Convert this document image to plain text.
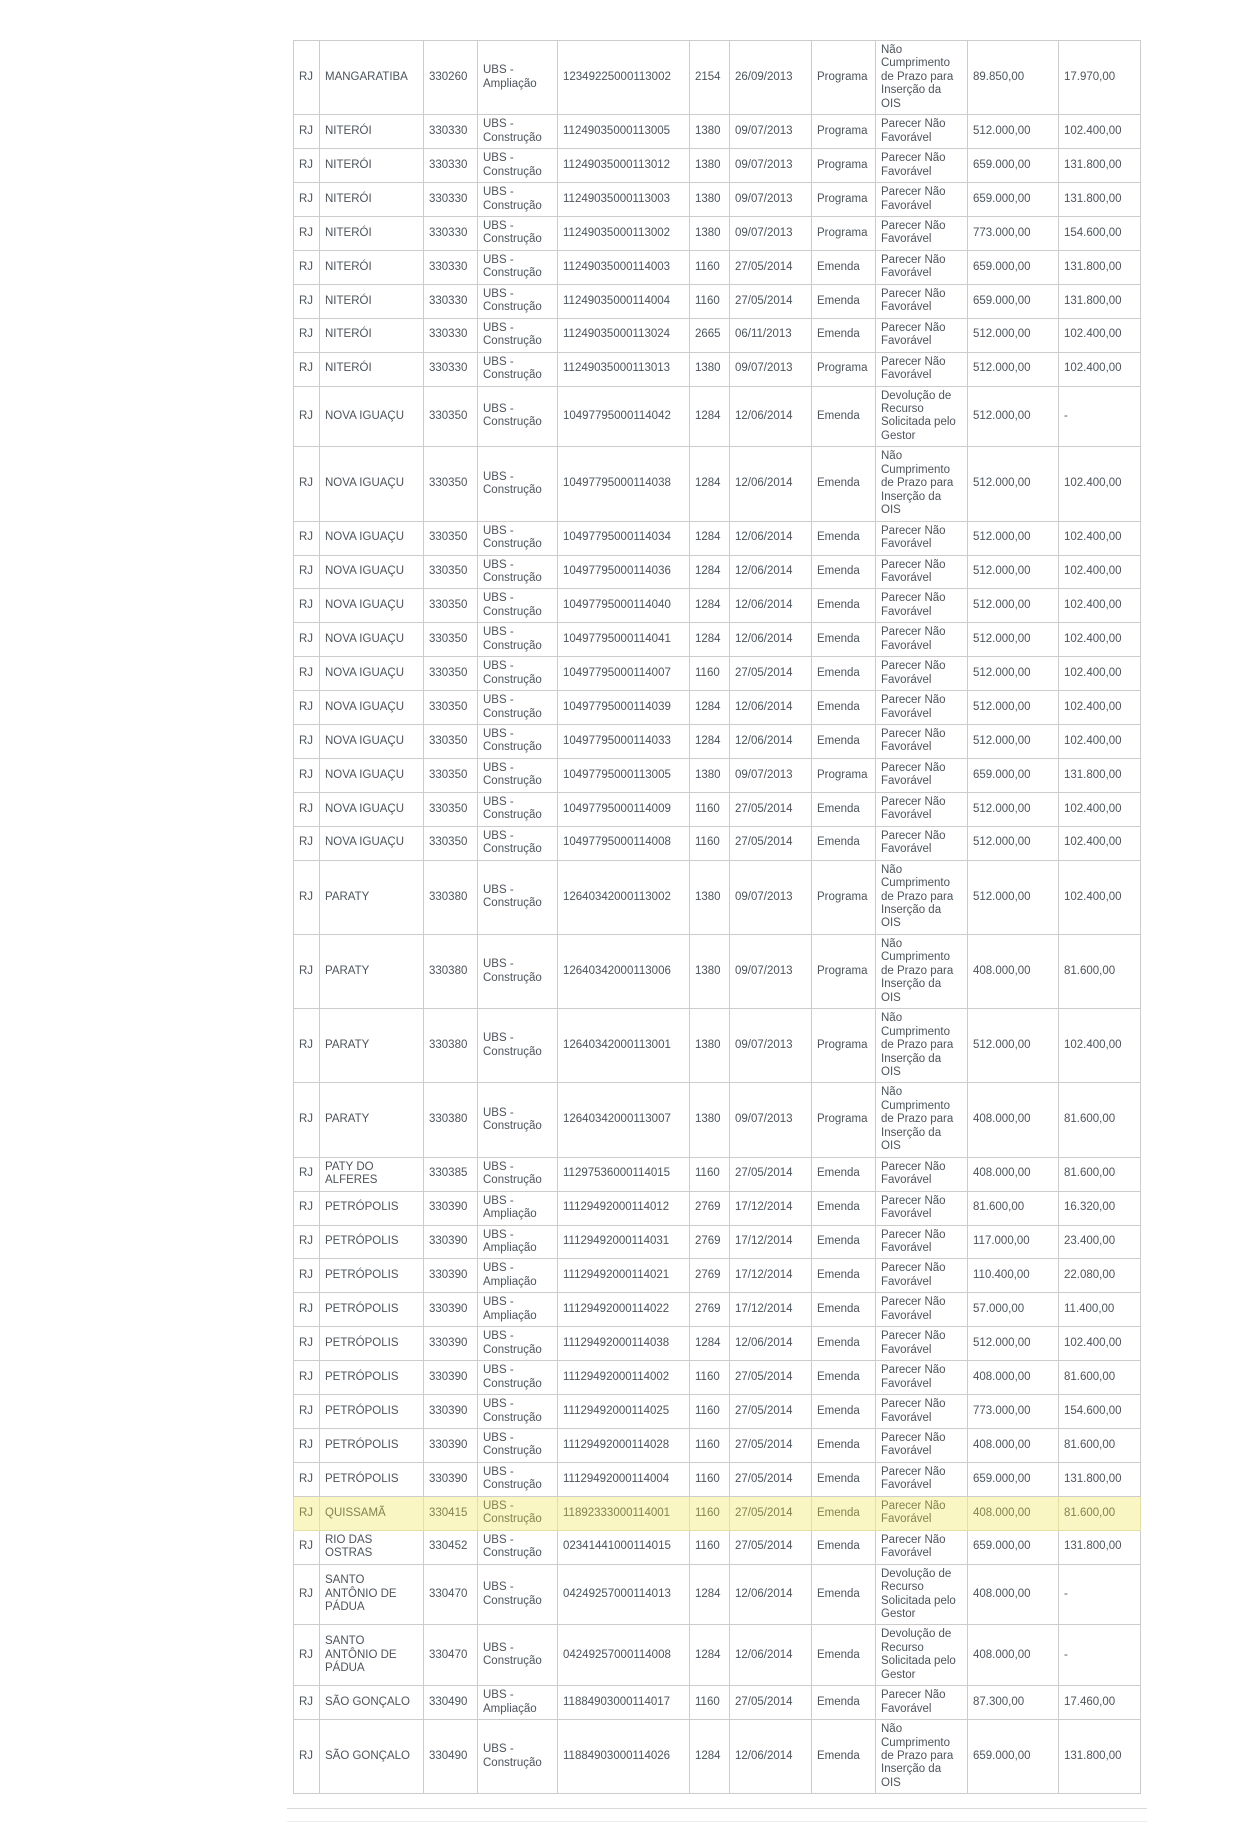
RJ	MANGARATIBA	330260	UBS - Ampliação	12349225000113002	2154	26/09/2013	Programa	Não Cumprimento de Prazo para Inserção da OIS	89.850,00	17.970,00
RJ	NITERÓI	330330	UBS - Construção	11249035000113005	1380	09/07/2013	Programa	Parecer Não Favorável	512.000,00	102.400,00
RJ	NITERÓI	330330	UBS - Construção	11249035000113012	1380	09/07/2013	Programa	Parecer Não Favorável	659.000,00	131.800,00
RJ	NITERÓI	330330	UBS - Construção	11249035000113003	1380	09/07/2013	Programa	Parecer Não Favorável	659.000,00	131.800,00
RJ	NITERÓI	330330	UBS - Construção	11249035000113002	1380	09/07/2013	Programa	Parecer Não Favorável	773.000,00	154.600,00
RJ	NITERÓI	330330	UBS - Construção	11249035000114003	1160	27/05/2014	Emenda	Parecer Não Favorável	659.000,00	131.800,00
RJ	NITERÓI	330330	UBS - Construção	11249035000114004	1160	27/05/2014	Emenda	Parecer Não Favorável	659.000,00	131.800,00
RJ	NITERÓI	330330	UBS - Construção	11249035000113024	2665	06/11/2013	Emenda	Parecer Não Favorável	512.000,00	102.400,00
RJ	NITERÓI	330330	UBS - Construção	11249035000113013	1380	09/07/2013	Programa	Parecer Não Favorável	512.000,00	102.400,00
RJ	NOVA IGUAÇU	330350	UBS - Construção	10497795000114042	1284	12/06/2014	Emenda	Devolução de Recurso Solicitada pelo Gestor	512.000,00	-
RJ	NOVA IGUAÇU	330350	UBS - Construção	10497795000114038	1284	12/06/2014	Emenda	Não Cumprimento de Prazo para Inserção da OIS	512.000,00	102.400,00
RJ	NOVA IGUAÇU	330350	UBS - Construção	10497795000114034	1284	12/06/2014	Emenda	Parecer Não Favorável	512.000,00	102.400,00
RJ	NOVA IGUAÇU	330350	UBS - Construção	10497795000114036	1284	12/06/2014	Emenda	Parecer Não Favorável	512.000,00	102.400,00
RJ	NOVA IGUAÇU	330350	UBS - Construção	10497795000114040	1284	12/06/2014	Emenda	Parecer Não Favorável	512.000,00	102.400,00
RJ	NOVA IGUAÇU	330350	UBS - Construção	10497795000114041	1284	12/06/2014	Emenda	Parecer Não Favorável	512.000,00	102.400,00
RJ	NOVA IGUAÇU	330350	UBS - Construção	10497795000114007	1160	27/05/2014	Emenda	Parecer Não Favorável	512.000,00	102.400,00
RJ	NOVA IGUAÇU	330350	UBS - Construção	10497795000114039	1284	12/06/2014	Emenda	Parecer Não Favorável	512.000,00	102.400,00
RJ	NOVA IGUAÇU	330350	UBS - Construção	10497795000114033	1284	12/06/2014	Emenda	Parecer Não Favorável	512.000,00	102.400,00
RJ	NOVA IGUAÇU	330350	UBS - Construção	10497795000113005	1380	09/07/2013	Programa	Parecer Não Favorável	659.000,00	131.800,00
RJ	NOVA IGUAÇU	330350	UBS - Construção	10497795000114009	1160	27/05/2014	Emenda	Parecer Não Favorável	512.000,00	102.400,00
RJ	NOVA IGUAÇU	330350	UBS - Construção	10497795000114008	1160	27/05/2014	Emenda	Parecer Não Favorável	512.000,00	102.400,00
RJ	PARATY	330380	UBS - Construção	12640342000113002	1380	09/07/2013	Programa	Não Cumprimento de Prazo para Inserção da OIS	512.000,00	102.400,00
RJ	PARATY	330380	UBS - Construção	12640342000113006	1380	09/07/2013	Programa	Não Cumprimento de Prazo para Inserção da OIS	408.000,00	81.600,00
RJ	PARATY	330380	UBS - Construção	12640342000113001	1380	09/07/2013	Programa	Não Cumprimento de Prazo para Inserção da OIS	512.000,00	102.400,00
RJ	PARATY	330380	UBS - Construção	12640342000113007	1380	09/07/2013	Programa	Não Cumprimento de Prazo para Inserção da OIS	408.000,00	81.600,00
RJ	PATY DO ALFERES	330385	UBS - Construção	11297536000114015	1160	27/05/2014	Emenda	Parecer Não Favorável	408.000,00	81.600,00
RJ	PETRÓPOLIS	330390	UBS - Ampliação	11129492000114012	2769	17/12/2014	Emenda	Parecer Não Favorável	81.600,00	16.320,00
RJ	PETRÓPOLIS	330390	UBS - Ampliação	11129492000114031	2769	17/12/2014	Emenda	Parecer Não Favorável	117.000,00	23.400,00
RJ	PETRÓPOLIS	330390	UBS - Ampliação	11129492000114021	2769	17/12/2014	Emenda	Parecer Não Favorável	110.400,00	22.080,00
RJ	PETRÓPOLIS	330390	UBS - Ampliação	11129492000114022	2769	17/12/2014	Emenda	Parecer Não Favorável	57.000,00	11.400,00
RJ	PETRÓPOLIS	330390	UBS - Construção	11129492000114038	1284	12/06/2014	Emenda	Parecer Não Favorável	512.000,00	102.400,00
RJ	PETRÓPOLIS	330390	UBS - Construção	11129492000114002	1160	27/05/2014	Emenda	Parecer Não Favorável	408.000,00	81.600,00
RJ	PETRÓPOLIS	330390	UBS - Construção	11129492000114025	1160	27/05/2014	Emenda	Parecer Não Favorável	773.000,00	154.600,00
RJ	PETRÓPOLIS	330390	UBS - Construção	11129492000114028	1160	27/05/2014	Emenda	Parecer Não Favorável	408.000,00	81.600,00
RJ	PETRÓPOLIS	330390	UBS - Construção	11129492000114004	1160	27/05/2014	Emenda	Parecer Não Favorável	659.000,00	131.800,00
RJ	QUISSAMÃ	330415	UBS - Construção	11892333000114001	1160	27/05/2014	Emenda	Parecer Não Favorável	408.000,00	81.600,00
RJ	RIO DAS OSTRAS	330452	UBS - Construção	02341441000114015	1160	27/05/2014	Emenda	Parecer Não Favorável	659.000,00	131.800,00
RJ	SANTO ANTÔNIO DE PÁDUA	330470	UBS - Construção	04249257000114013	1284	12/06/2014	Emenda	Devolução de Recurso Solicitada pelo Gestor	408.000,00	-
RJ	SANTO ANTÔNIO DE PÁDUA	330470	UBS - Construção	04249257000114008	1284	12/06/2014	Emenda	Devolução de Recurso Solicitada pelo Gestor	408.000,00	-
RJ	SÃO GONÇALO	330490	UBS - Ampliação	11884903000114017	1160	27/05/2014	Emenda	Parecer Não Favorável	87.300,00	17.460,00
RJ	SÃO GONÇALO	330490	UBS - Construção	11884903000114026	1284	12/06/2014	Emenda	Não Cumprimento de Prazo para Inserção da OIS	659.000,00	131.800,00
